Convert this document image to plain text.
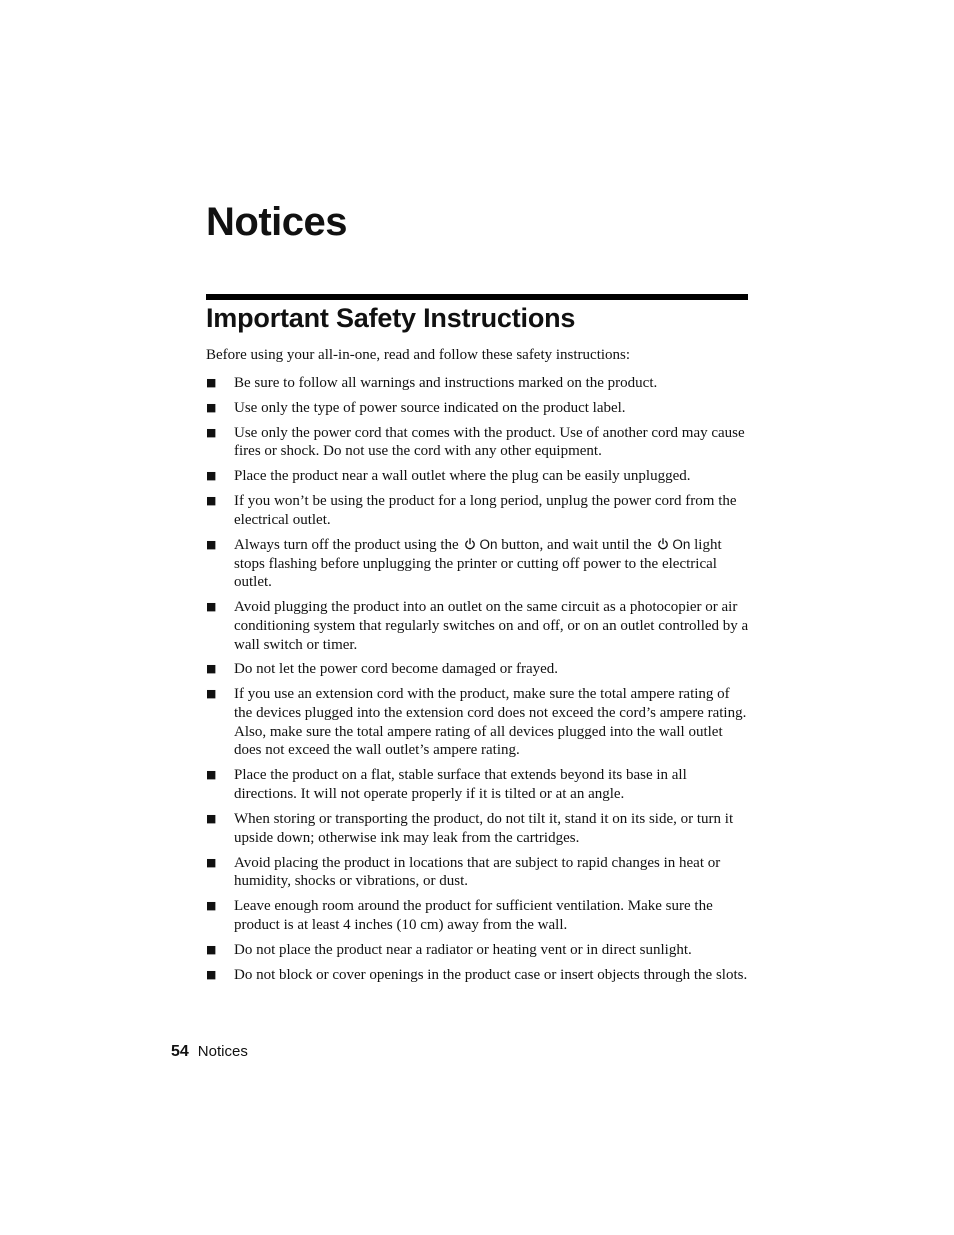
Notices
Important Safety Instructions

Before using your all-in-one, read and follow these safety instructions:

■	Be sure to follow all warnings and instructions marked on the product.
■	Use only the type of power source indicated on the product label.
■	Use only the power cord that comes with the product. Use of another cord may cause fires or shock. Do not use the cord with any other equipment.
■	Place the product near a wall outlet where the plug can be easily unplugged.
■	If you won’t be using the product for a long period, unplug the power cord from the electrical outlet.
■	Always turn off the product using the On button, and wait until the On light stops flashing before unplugging the printer or cutting off power to the electrical outlet.
■	Avoid plugging the product into an outlet on the same circuit as a photocopier or air conditioning system that regularly switches on and off, or on an outlet controlled by a wall switch or timer.
■	Do not let the power cord become damaged or frayed.
■	If you use an extension cord with the product, make sure the total ampere rating of the devices plugged into the extension cord does not exceed the cord’s ampere rating. Also, make sure the total ampere rating of all devices plugged into the wall outlet does not exceed the wall outlet’s ampere rating.
■	Place the product on a flat, stable surface that extends beyond its base in all directions. It will not operate properly if it is tilted or at an angle.
■	When storing or transporting the product, do not tilt it, stand it on its side, or turn it upside down; otherwise ink may leak from the cartridges.
■	Avoid placing the product in locations that are subject to rapid changes in heat or humidity, shocks or vibrations, or dust.
■	Leave enough room around the product for sufficient ventilation. Make sure the product is at least 4 inches (10 cm) away from the wall.
■	Do not place the product near a radiator or heating vent or in direct sunlight.
■	Do not block or cover openings in the product case or insert objects through the slots.
54 Notices
